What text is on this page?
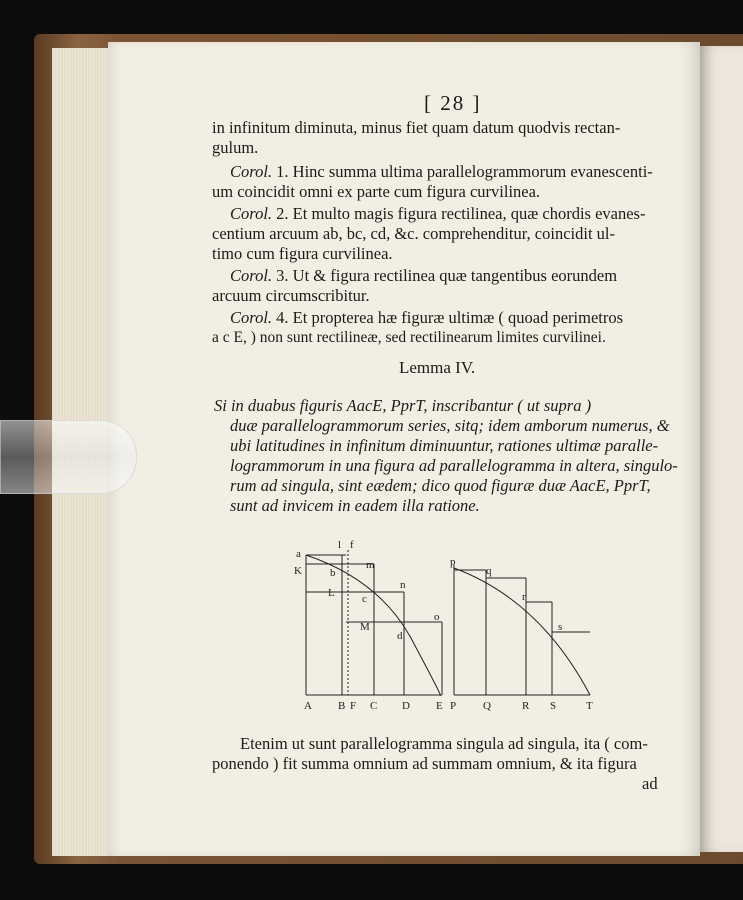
[ 28 ]
in infinitum diminuta, minus fiet quam datum quodvis rectan-
gulum.
Corol. 1. Hinc summa ultima parallelogrammorum evanescenti-
um coincidit omni ex parte cum figura curvilinea.
Corol. 2. Et multo magis figura rectilinea, quæ chordis evanes-
centium arcuum ab, bc, cd, &c. comprehenditur, coincidit ul-
timo cum figura curvilinea.
Corol. 3. Ut & figura rectilinea quæ tangentibus eorundem
arcuum circumscribitur.
Corol. 4. Et propterea hæ figuræ ultimæ ( quoad perimetros
a c E, ) non sunt rectilineæ, sed rectilinearum limites curvilinei.
Lemma IV.
Si in duabus figuris AacE, PprT, inscribantur ( ut supra )
duæ parallelogrammorum series, sitq; idem amborum numerus, &
ubi latitudines in infinitum diminuuntur, rationes ultimæ paralle-
logrammorum in una figura ad parallelogramma in altera, singulo-
rum ad singula, sint eædem; dico quod figuræ duæ AacE, PprT,
sunt ad invicem in eadem illa ratione.
a
l f
K	b
m
L c
n
M
d
o
A B F C D E
p
q
r
s
P Q	R S	T
Etenim ut sunt parallelogramma singula ad singula, ita ( com-
ponendo ) fit summa omnium ad summam omnium, & ita figura
ad
